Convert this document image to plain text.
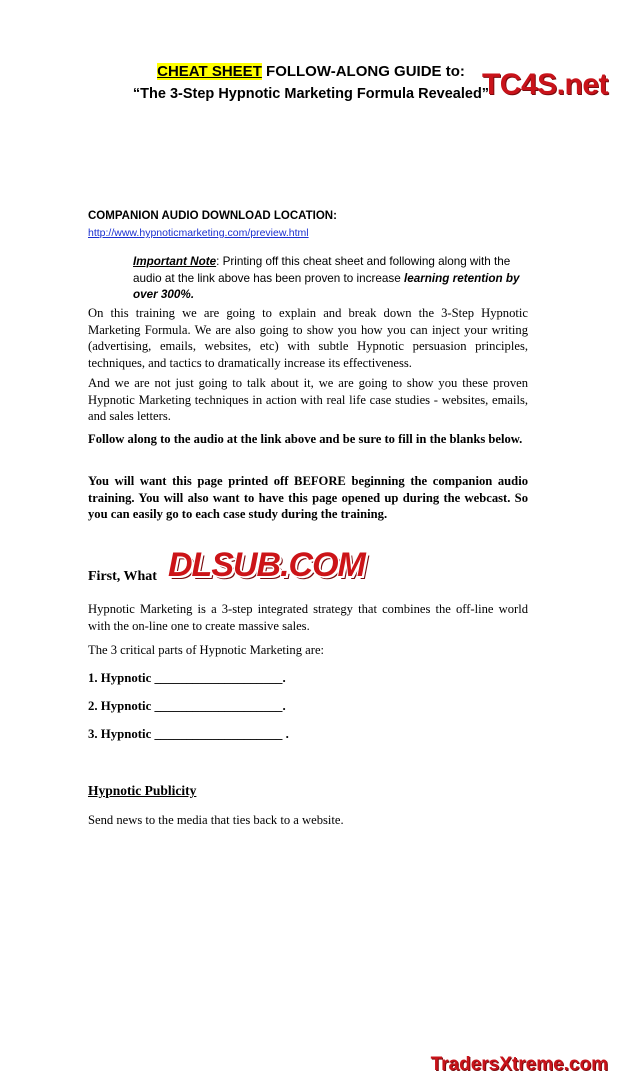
TC4S.net
CHEAT SHEET FOLLOW-ALONG GUIDE to:
“The 3-Step Hypnotic Marketing Formula Revealed”
COMPANION AUDIO DOWNLOAD LOCATION:
http://www.hypnoticmarketing.com/preview.html
Important Note: Printing off this cheat sheet and following along with the audio at the link above has been proven to increase learning retention by over 300%.
On this training we are going to explain and break down the 3-Step Hypnotic Marketing Formula. We are also going to show you how you can inject your writing (advertising, emails, websites, etc) with subtle Hypnotic persuasion principles, techniques, and tactics to dramatically increase its effectiveness.
And we are not just going to talk about it, we are going to show you these proven Hypnotic Marketing techniques in action with real life case studies - websites, emails, and sales letters.
Follow along to the audio at the link above and be sure to fill in the blanks below.
You will want this page printed off BEFORE beginning the companion audio training. You will also want to have this page opened up during the webcast. So you can easily go to each case study during the training.
First, What DLSUB.COM
Hypnotic Marketing is a 3-step integrated strategy that combines the off-line world with the on-line one to create massive sales.
The 3 critical parts of Hypnotic Marketing are:
1. Hypnotic ____________________.
2. Hypnotic ____________________.
3. Hypnotic ____________________ .
Hypnotic Publicity
Send news to the media that ties back to a website.
TradersXtreme.com
